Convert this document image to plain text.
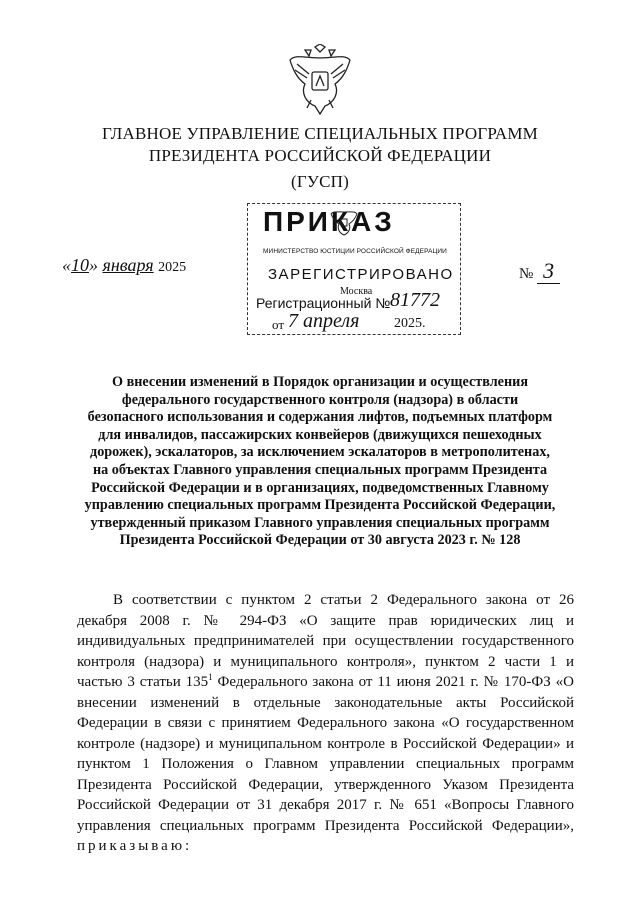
ГЛАВНОЕ УПРАВЛЕНИЕ СПЕЦИАЛЬНЫХ ПРОГРАММ
ПРЕЗИДЕНТА РОССИЙСКОЙ ФЕДЕРАЦИИ
(ГУСП)
ПРИКАЗ
МИНИСТЕРСТВО ЮСТИЦИИ РОССИЙСКОЙ ФЕДЕРАЦИИ
ЗАРЕГИСТРИРОВАНО
Москва
Регистрационный № 81772
от 7 апреля 2025.
«10» января 2025	№ 3
О внесении изменений в Порядок организации и осуществления федерального государственного контроля (надзора) в области безопасного использования и содержания лифтов, подъемных платформ для инвалидов, пассажирских конвейеров (движущихся пешеходных дорожек), эскалаторов, за исключением эскалаторов в метрополитенах, на объектах Главного управления специальных программ Президента Российской Федерации и в организациях, подведомственных Главному управлению специальных программ Президента Российской Федерации, утвержденный приказом Главного управления специальных программ Президента Российской Федерации от 30 августа 2023 г. № 128
В соответствии с пунктом 2 статьи 2 Федерального закона от 26 декабря 2008 г. № 294-ФЗ «О защите прав юридических лиц и индивидуальных предпринимателей при осуществлении государственного контроля (надзора) и муниципального контроля», пунктом 2 части 1 и частью 3 статьи $135^1$ Федерального закона от 11 июня 2021 г. № 170-ФЗ «О внесении изменений в отдельные законодательные акты Российской Федерации в связи с принятием Федерального закона «О государственном контроле (надзоре) и муниципальном контроле в Российской Федерации» и пунктом 1 Положения о Главном управлении специальных программ Президента Российской Федерации, утвержденного Указом Президента Российской Федерации от 31 декабря 2017 г. № 651 «Вопросы Главного управления специальных программ Президента Российской Федерации», приказываю:
